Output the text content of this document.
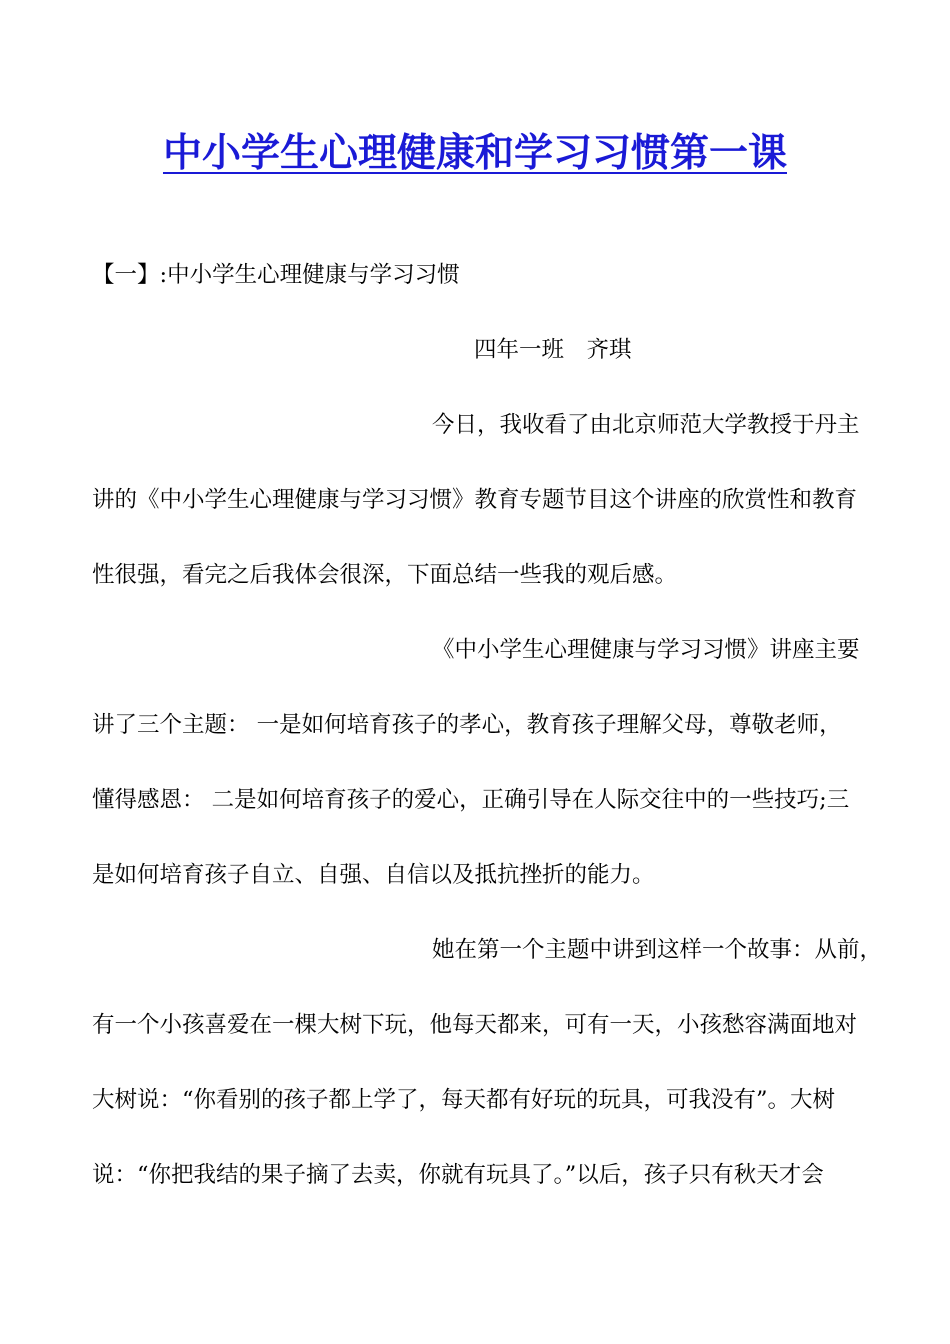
中小学生心理健康和学习习惯第一课
【一】:中小学生心理健康与学习习惯
四年一班　齐琪
今日，我收看了由北京师范大学教授于丹主
讲的《中小学生心理健康与学习习惯》教育专题节目这个讲座的欣赏性和教育
性很强，看完之后我体会很深，下面总结一些我的观后感。
《中小学生心理健康与学习习惯》讲座主要
讲了三个主题： 一是如何培育孩子的孝心，教育孩子理解父母，尊敬老师，
懂得感恩： 二是如何培育孩子的爱心，正确引导在人际交往中的一些技巧;三
是如何培育孩子自立、自强、自信以及抵抗挫折的能力。
她在第一个主题中讲到这样一个故事：从前，
有一个小孩喜爱在一棵大树下玩，他每天都来，可有一天，小孩愁容满面地对
大树说：“你看别的孩子都上学了，每天都有好玩的玩具，可我没有”。大树
说：“你把我结的果子摘了去卖，你就有玩具了。”以后，孩子只有秋天才会
